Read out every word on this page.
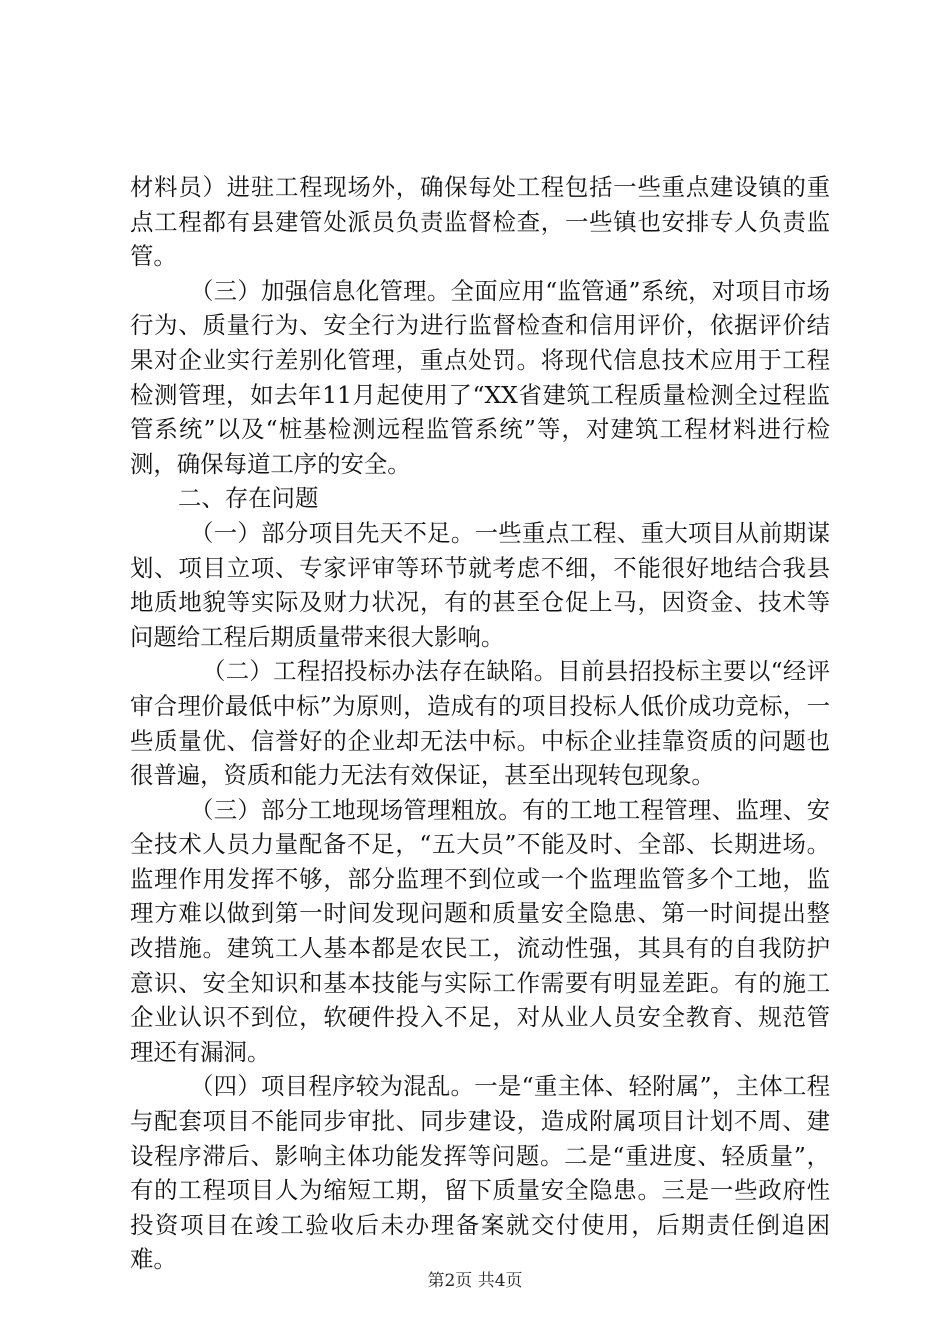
材料员）进驻工程现场外，确保每处工程包括一些重点建设镇的重点工程都有县建管处派员负责监督检查，一些镇也安排专人负责监管。

（三）加强信息化管理。全面应用“监管通”系统，对项目市场行为、质量行为、安全行为进行监督检查和信用评价，依据评价结果对企业实行差别化管理，重点处罚。将现代信息技术应用于工程检测管理，如去年11月起使用了“XX省建筑工程质量检测全过程监管系统”以及“桩基检测远程监管系统”等，对建筑工程材料进行检测，确保每道工序的安全。

二、存在问题

（一）部分项目先天不足。一些重点工程、重大项目从前期谋划、项目立项、专家评审等环节就考虑不细，不能很好地结合我县地质地貌等实际及财力状况，有的甚至仓促上马，因资金、技术等问题给工程后期质量带来很大影响。

（二）工程招投标办法存在缺陷。目前县招投标主要以“经评审合理价最低中标”为原则，造成有的项目投标人低价成功竞标，一些质量优、信誉好的企业却无法中标。中标企业挂靠资质的问题也很普遍，资质和能力无法有效保证，甚至出现转包现象。

（三）部分工地现场管理粗放。有的工地工程管理、监理、安全技术人员力量配备不足，“五大员”不能及时、全部、长期进场。监理作用发挥不够，部分监理不到位或一个监理监管多个工地，监理方难以做到第一时间发现问题和质量安全隐患、第一时间提出整改措施。建筑工人基本都是农民工，流动性强，其具有的自我防护意识、安全知识和基本技能与实际工作需要有明显差距。有的施工企业认识不到位，软硬件投入不足，对从业人员安全教育、规范管理还有漏洞。

（四）项目程序较为混乱。一是“重主体、轻附属”，主体工程与配套项目不能同步审批、同步建设，造成附属项目计划不周、建设程序滞后、影响主体功能发挥等问题。二是“重进度、轻质量”，有的工程项目人为缩短工期，留下质量安全隐患。三是一些政府性投资项目在竣工验收后未办理备案就交付使用，后期责任倒追困难。

第2页 共4页
